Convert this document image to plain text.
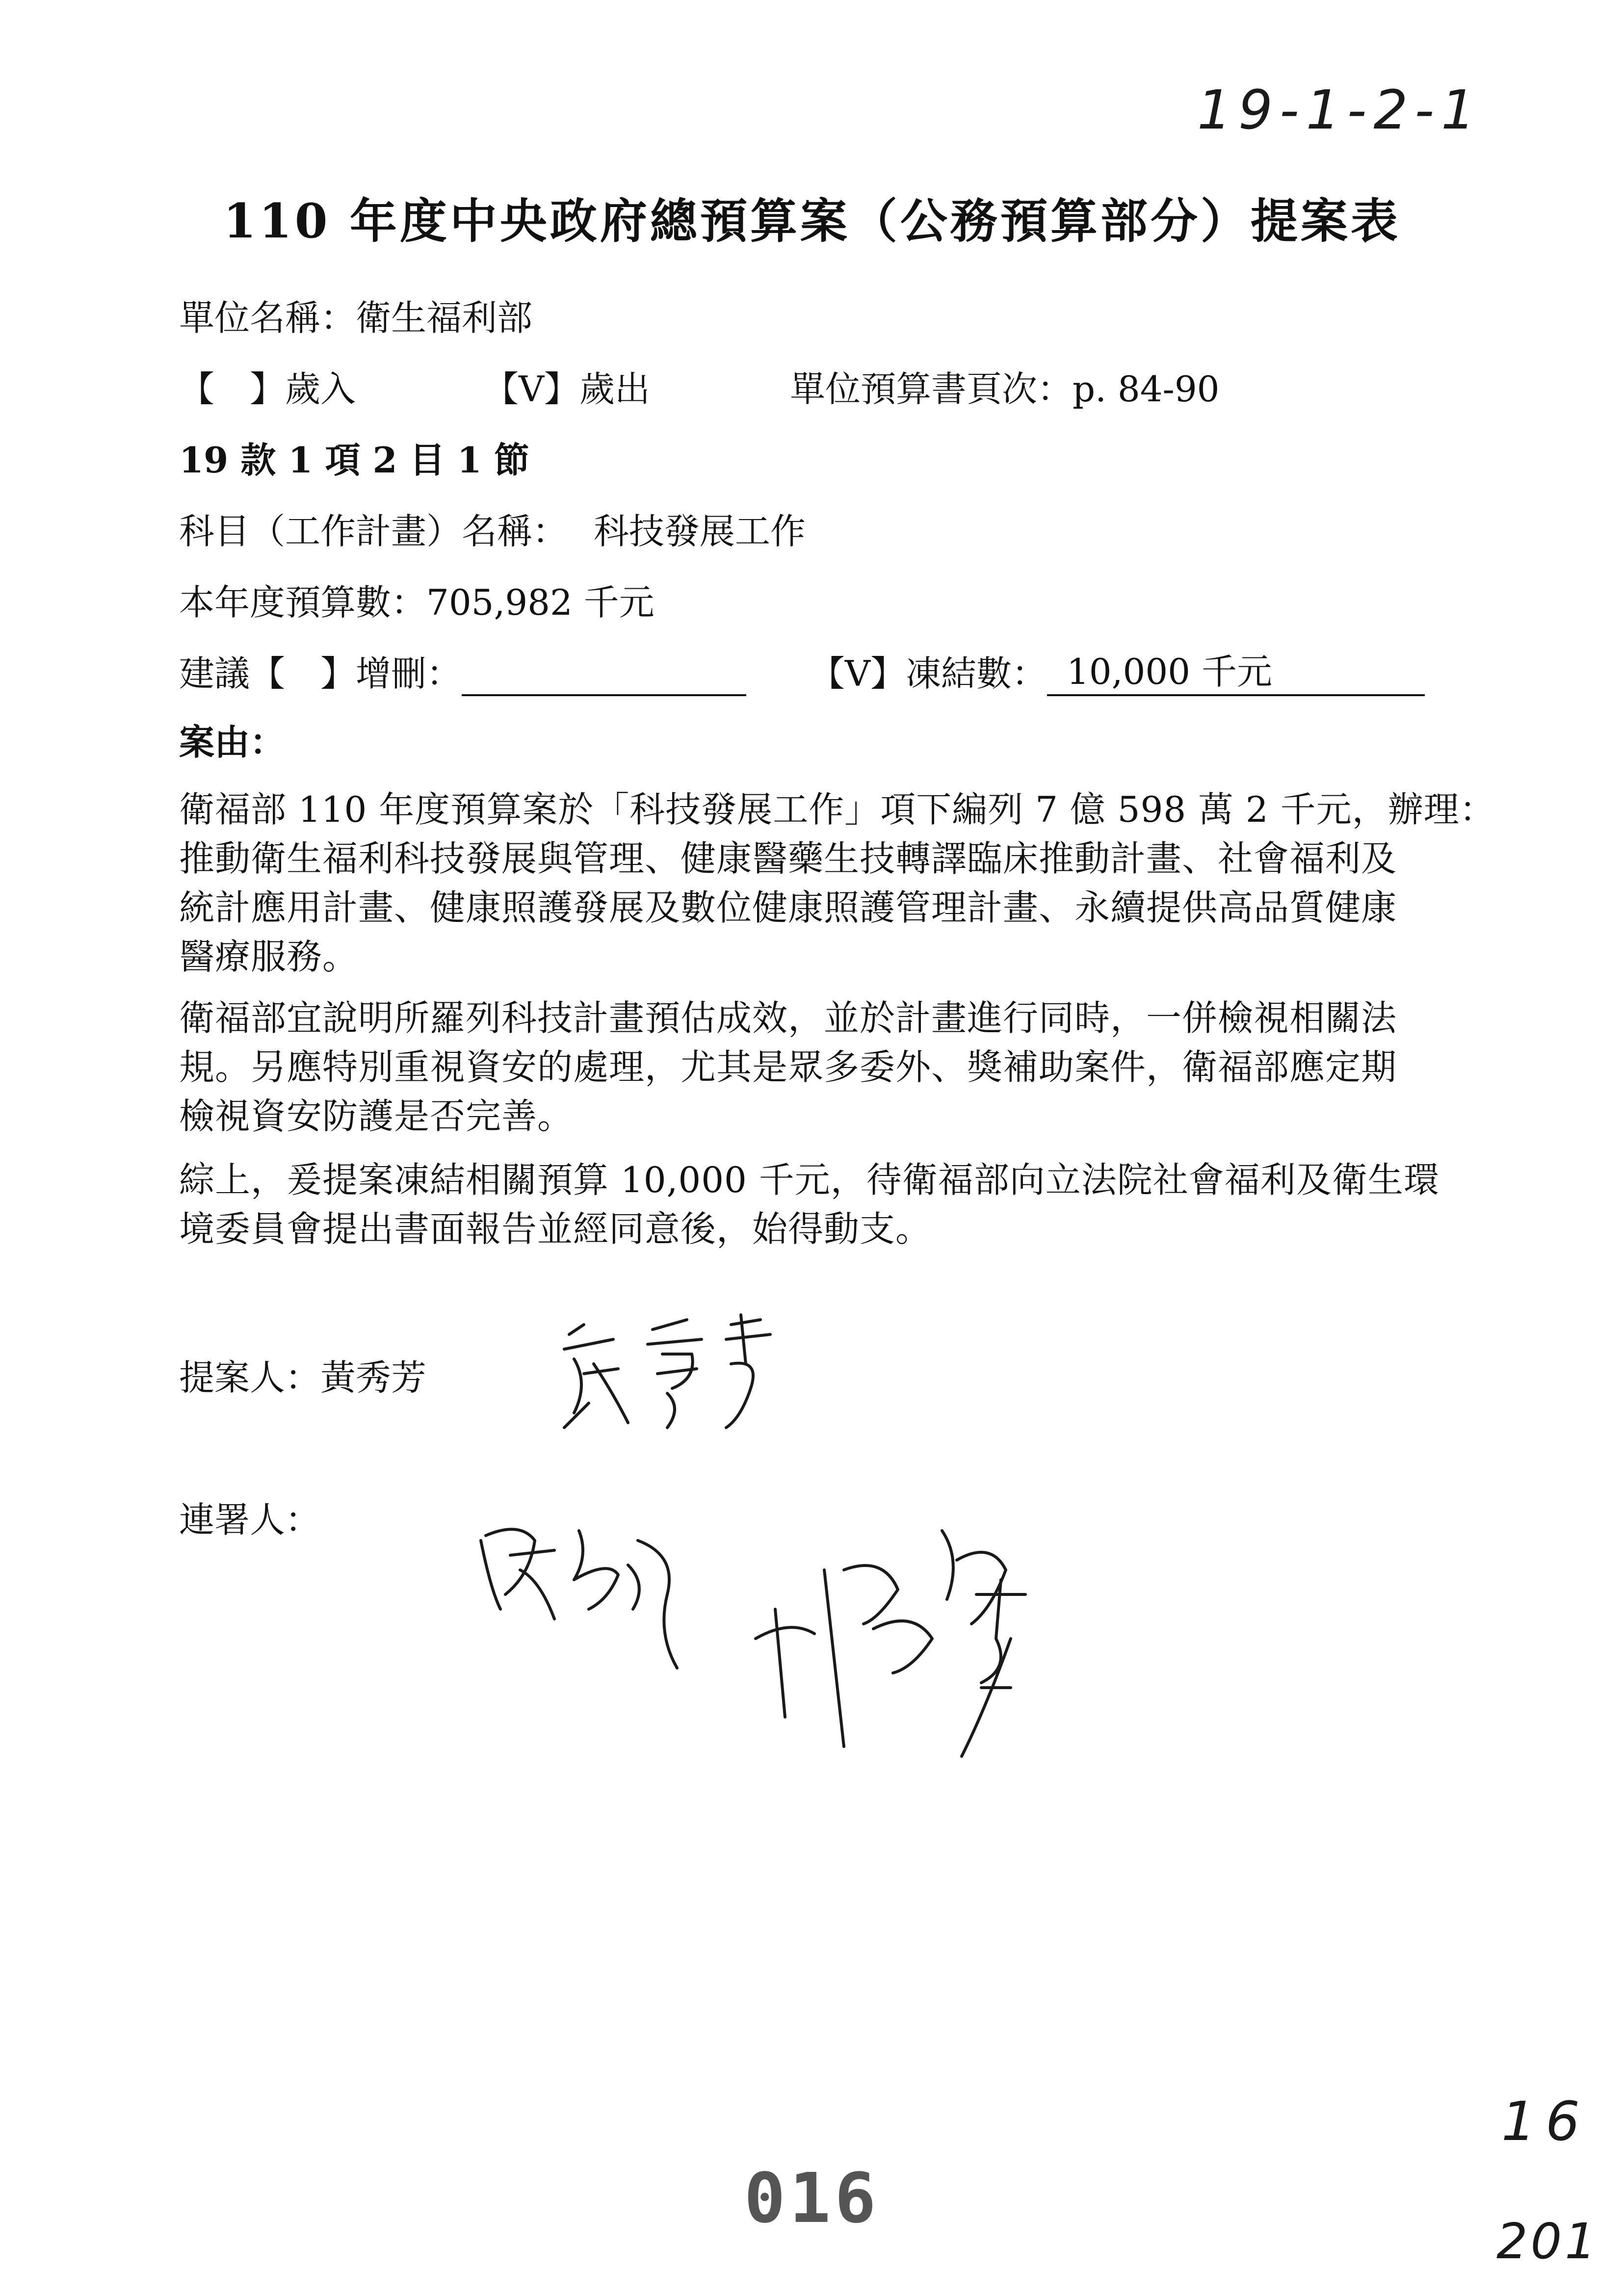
19-1-2-1
110 年度中央政府總預算案（公務預算部分）提案表
單位名稱：衛生福利部
【　】歲入	【V】歲出	單位預算書頁次：p. 84-90
19 款 1 項 2 目 1 節
科目（工作計畫）名稱： 科技發展工作
本年度預算數：705,982 千元
建議【　】增刪：	【V】凍結數： 10,000 千元
案由：
衛福部 110 年度預算案於「科技發展工作」項下編列 7 億 598 萬 2 千元，辦理：
推動衛生福利科技發展與管理、健康醫藥生技轉譯臨床推動計畫、社會福利及
統計應用計畫、健康照護發展及數位健康照護管理計畫、永續提供高品質健康
醫療服務。
衛福部宜說明所羅列科技計畫預估成效，並於計畫進行同時，一併檢視相關法
規。另應特別重視資安的處理，尤其是眾多委外、獎補助案件，衛福部應定期
檢視資安防護是否完善。
綜上，爰提案凍結相關預算 10,000 千元，待衛福部向立法院社會福利及衛生環
境委員會提出書面報告並經同意後，始得動支。
提案人：黃秀芳
連署人：
16
201
016
